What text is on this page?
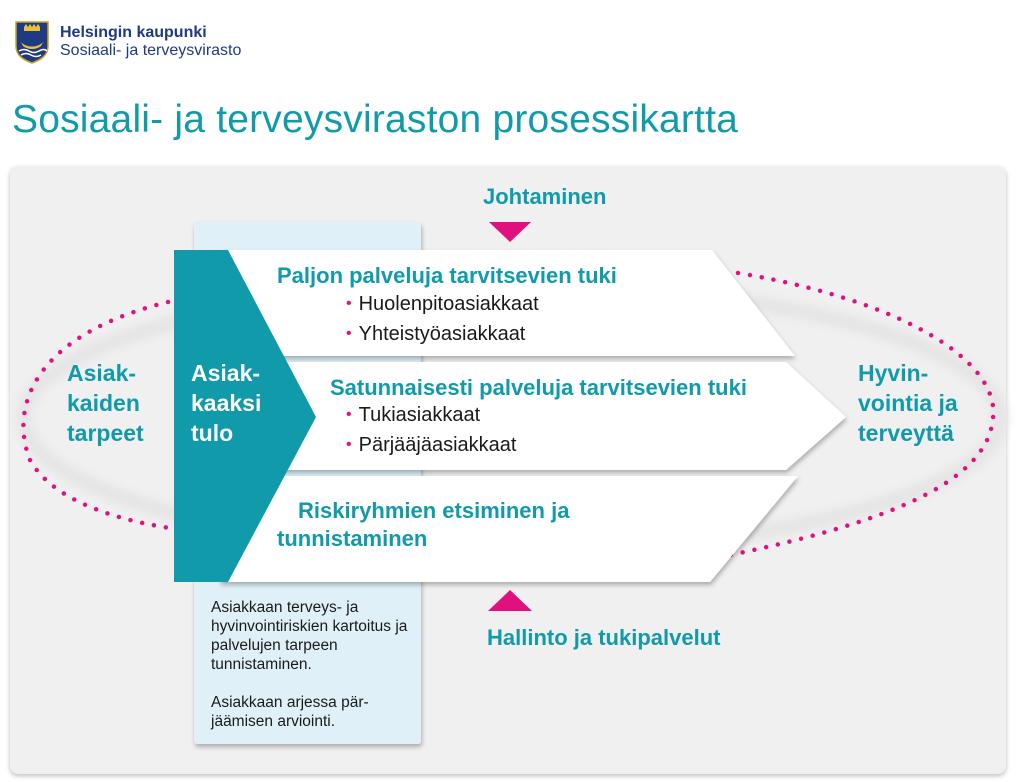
Helsingin kaupunki

Sosiaali- ja terveysvirasto

Sosiaali- ja terveysviraston prosessikartta

Johtaminen

Hallinto ja tukipalvelut

Asiak-
kaiden
tarpeet

Hyvin-
vointia ja
terveyttä

Asiak-
kaaksi
tulo

Paljon palveluja tarvitsevien tuki

• Huolenpitoasiakkaat
• Yhteistyöasiakkaat

Satunnaisesti palveluja tarvitsevien tuki

• Tukiasiakkaat
• Pärjääjäasiakkaat

Riskiryhmien etsiminen ja
tunnistaminen

Asiakkaan terveys- ja hyvinvointiriskien kartoitus ja palvelujen tarpeen tunnistaminen.

Asiakkaan arjessa pär-jäämisen arviointi.
